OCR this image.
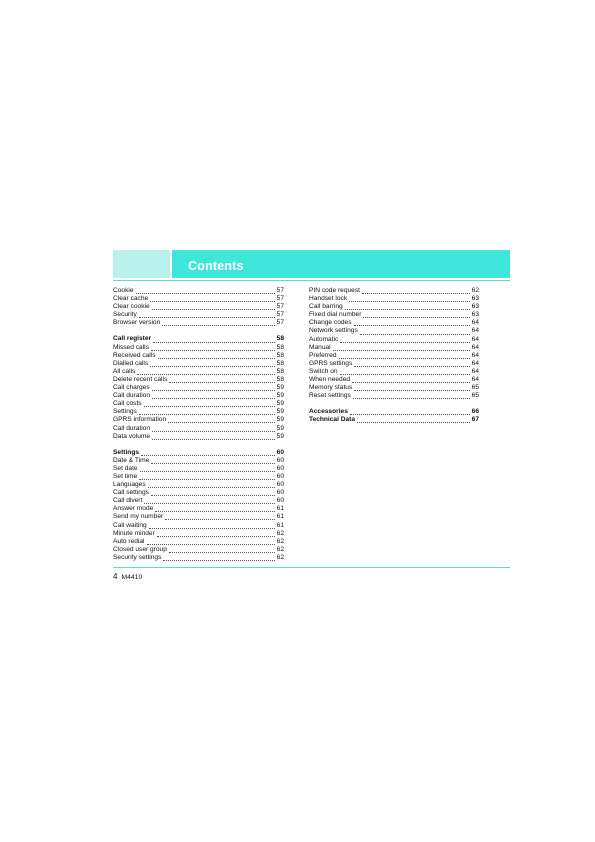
Contents
Cookie	57
Clear cache	57
Clear cookie	57
Security	57
Browser version	57
Call register	58
Missed calls	58
Received calls	58
Dialled calls	58
All calls	58
Delete recent calls	58
Call charges	59
Call duration	59
Call costs	59
Settings	59
GPRS information	59
Call duration	59
Data volume	59
Settings	60
Date & Time	60
Set date	60
Set time	60
Languages	60
Call settings	60
Call divert	60
Answer mode	61
Send my number	61
Call waiting	61
Minute minder	62
Auto redial	62
Closed user group	62
Security settings	62
PIN code request	62
Handset lock	63
Call barring	63
Fixed dial number	63
Change codes	64
Network settings	64
Automatic	64
Manual	64
Preferred	64
GPRS settings	64
Switch on	64
When needed	64
Memory status	65
Reset settings	65
Accessories	66
Technical Data	67
4 M4410
